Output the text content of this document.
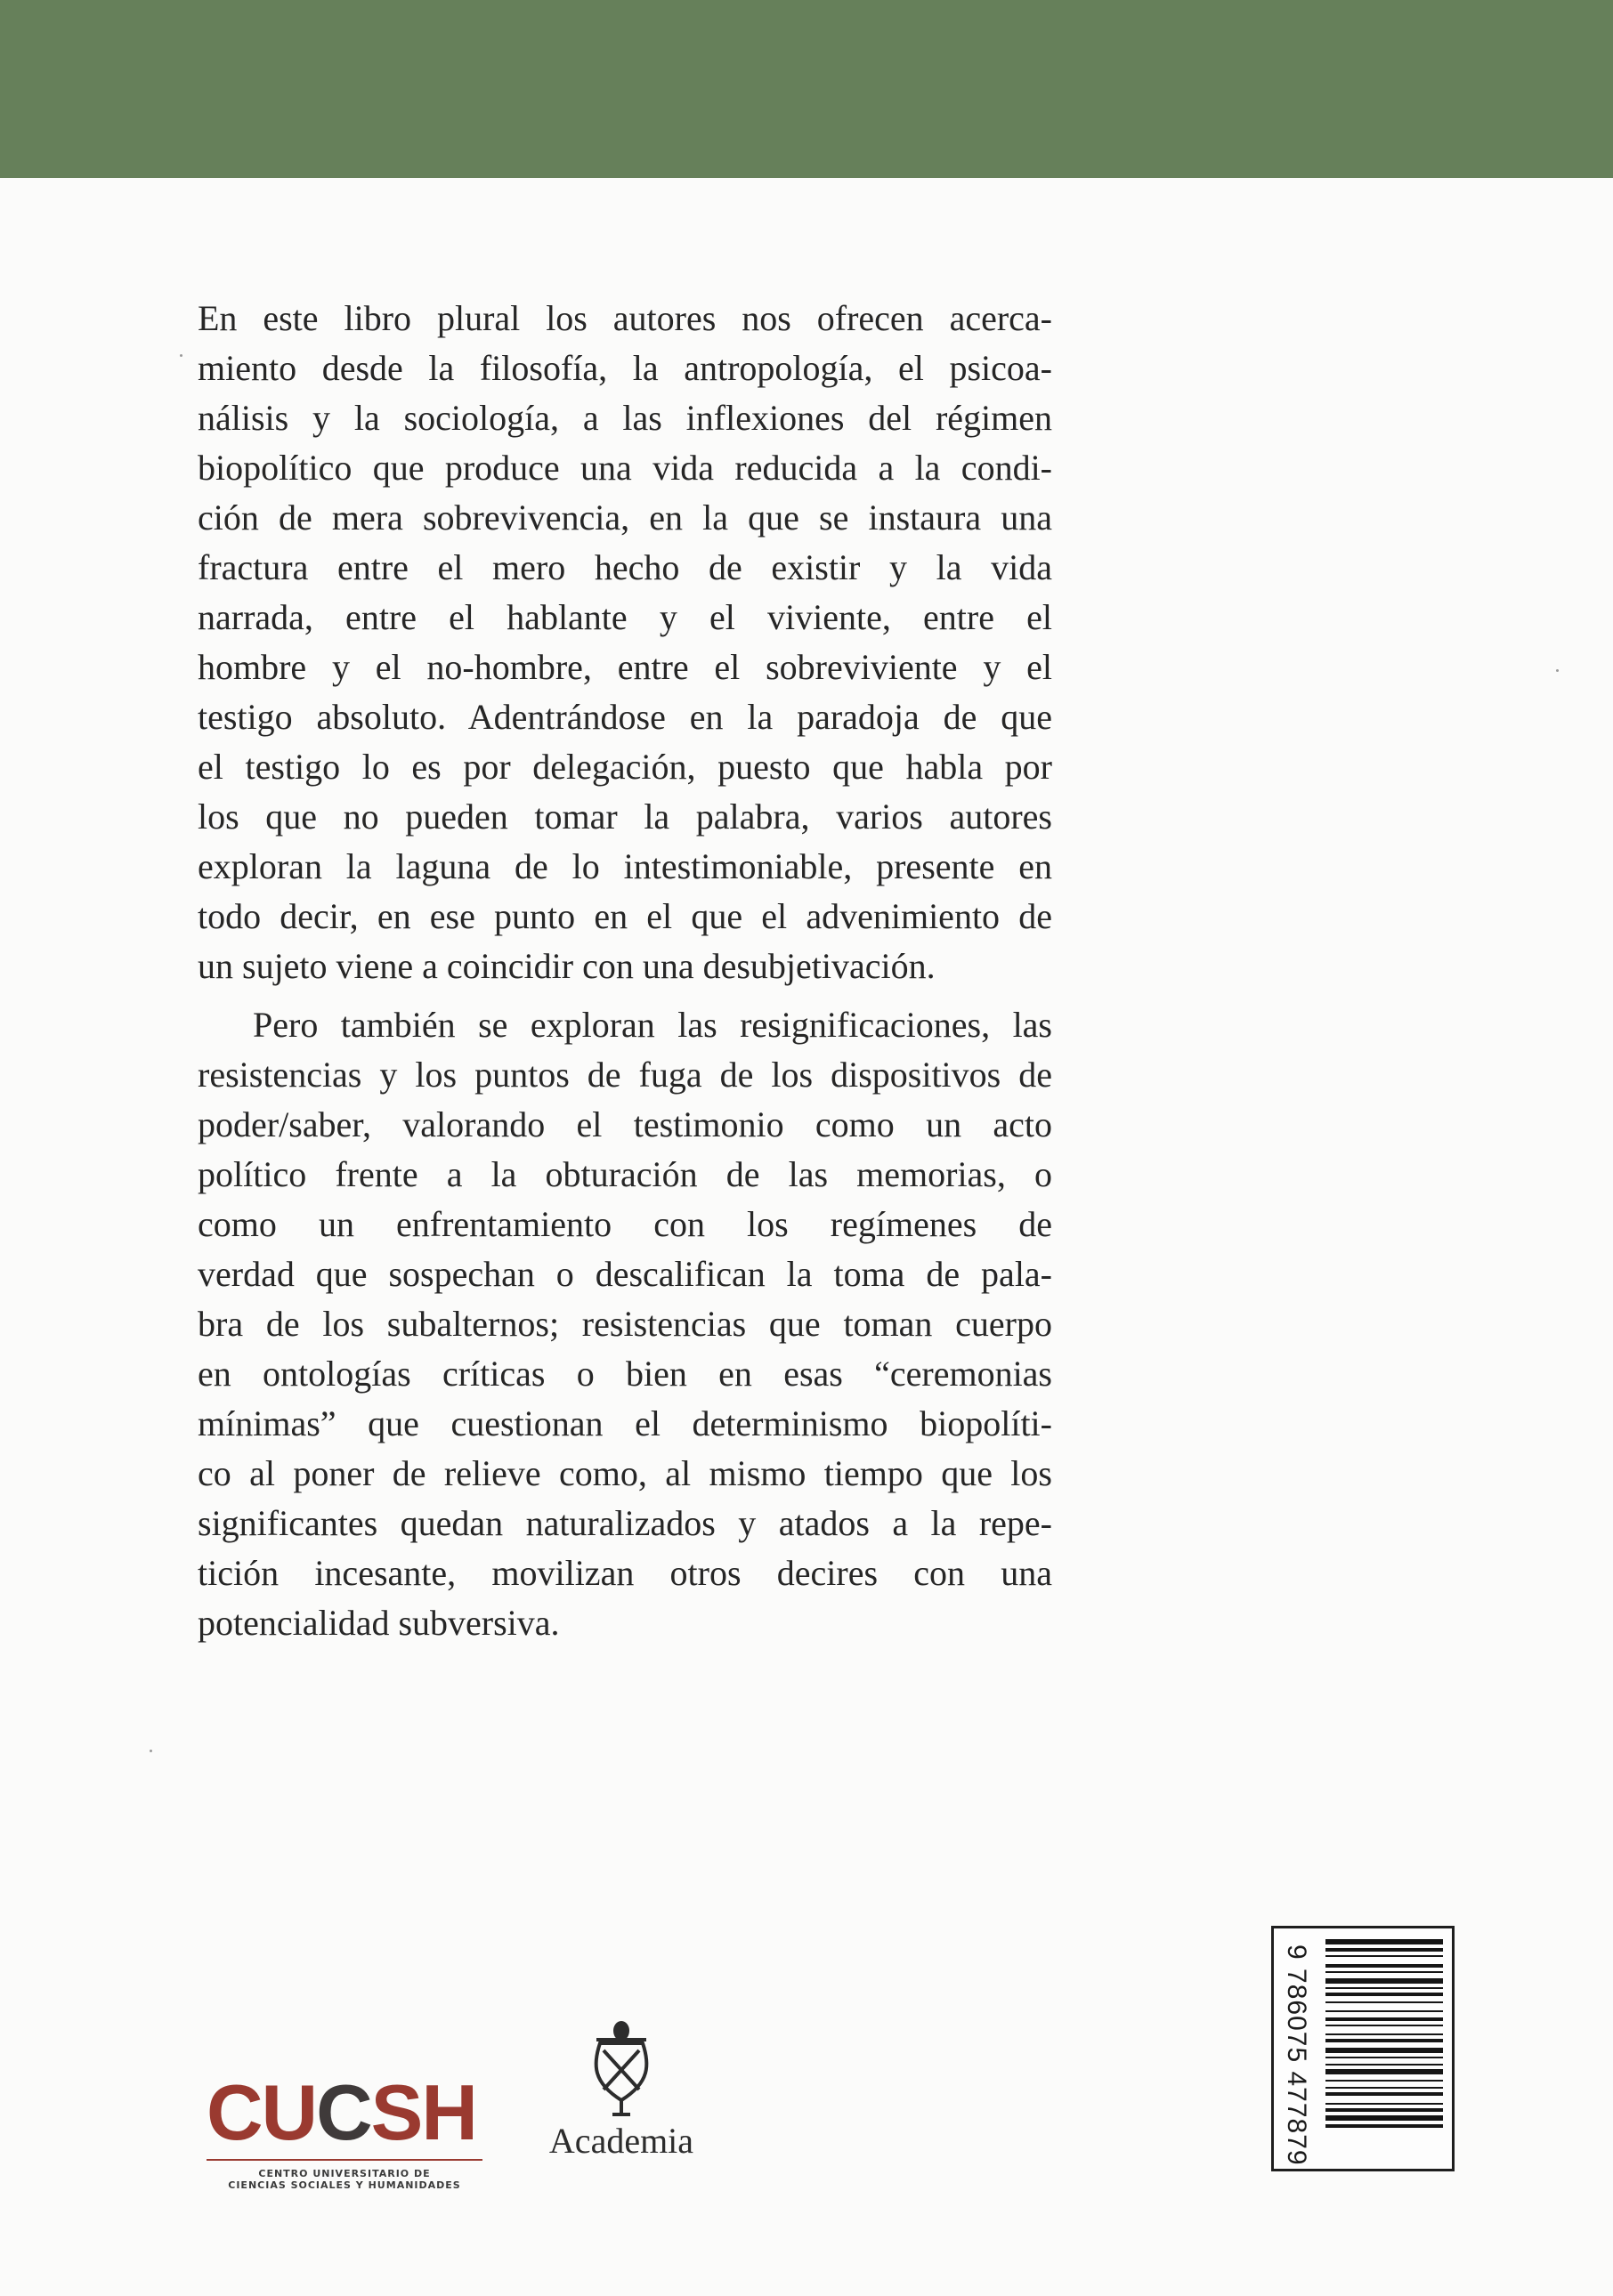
En este libro plural los autores nos ofrecen acerca-
miento desde la filosofía, la antropología, el psicoa-
nálisis y la sociología, a las inflexiones del régimen
biopolítico que produce una vida reducida a la condi-
ción de mera sobrevivencia, en la que se instaura una
fractura entre el mero hecho de existir y la vida
narrada, entre el hablante y el viviente, entre el
hombre y el no-hombre, entre el sobreviviente y el
testigo absoluto. Adentrándose en la paradoja de que
el testigo lo es por delegación, puesto que habla por
los que no pueden tomar la palabra, varios autores
exploran la laguna de lo intestimoniable, presente en
todo decir, en ese punto en el que el advenimiento de
un sujeto viene a coincidir con una desubjetivación.
Pero también se exploran las resignificaciones, las
resistencias y los puntos de fuga de los dispositivos de
poder/saber, valorando el testimonio como un acto
político frente a la obturación de las memorias, o
como un enfrentamiento con los regímenes de
verdad que sospechan o descalifican la toma de pala-
bra de los subalternos; resistencias que toman cuerpo
en ontologías críticas o bien en esas “ceremonias
mínimas” que cuestionan el determinismo biopolíti-
co al poner de relieve como, al mismo tiempo que los
significantes quedan naturalizados y atados a la repe-
tición incesante, movilizan otros decires con una
potencialidad subversiva.
CUCSH
CENTRO UNIVERSITARIO DE
CIENCIAS SOCIALES Y HUMANIDADES
Academia	9 786075 477879
